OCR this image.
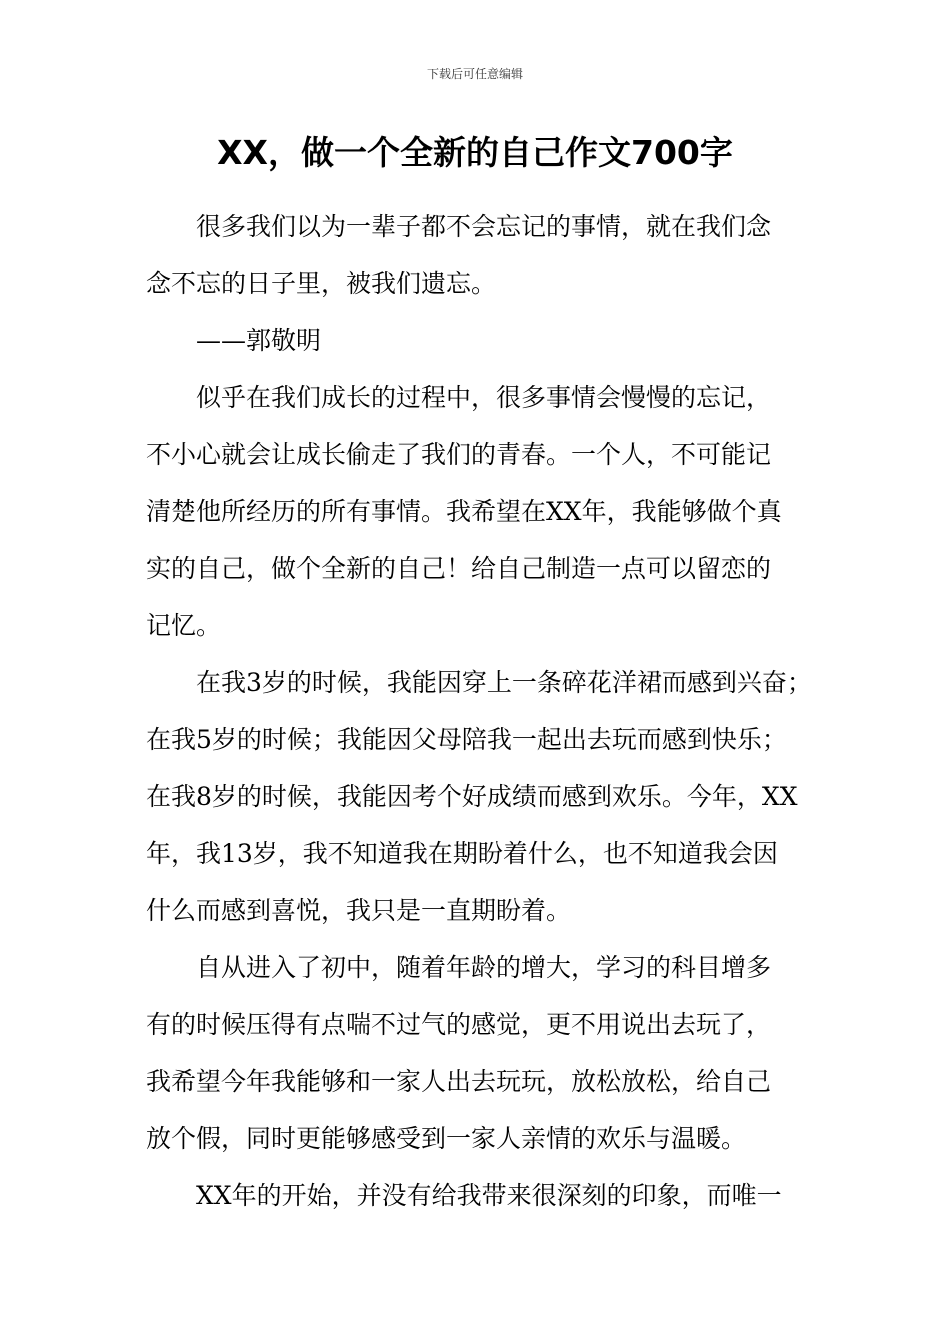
下载后可任意编辑
XX，做一个全新的自己作文700字
很多我们以为一辈子都不会忘记的事情，就在我们念
念不忘的日子里，被我们遗忘。
——郭敬明
似乎在我们成长的过程中，很多事情会慢慢的忘记，
不小心就会让成长偷走了我们的青春。一个人，不可能记
清楚他所经历的所有事情。我希望在XX年，我能够做个真
实的自己，做个全新的自己！给自己制造一点可以留恋的
记忆。
在我3岁的时候，我能因穿上一条碎花洋裙而感到兴奋；
在我5岁的时候；我能因父母陪我一起出去玩而感到快乐；
在我8岁的时候，我能因考个好成绩而感到欢乐。今年，XX
年，我13岁，我不知道我在期盼着什么，也不知道我会因
什么而感到喜悦，我只是一直期盼着。
自从进入了初中，随着年龄的增大，学习的科目增多
有的时候压得有点喘不过气的感觉，更不用说出去玩了，
我希望今年我能够和一家人出去玩玩，放松放松，给自己
放个假，同时更能够感受到一家人亲情的欢乐与温暖。
XX年的开始，并没有给我带来很深刻的印象，而唯一
